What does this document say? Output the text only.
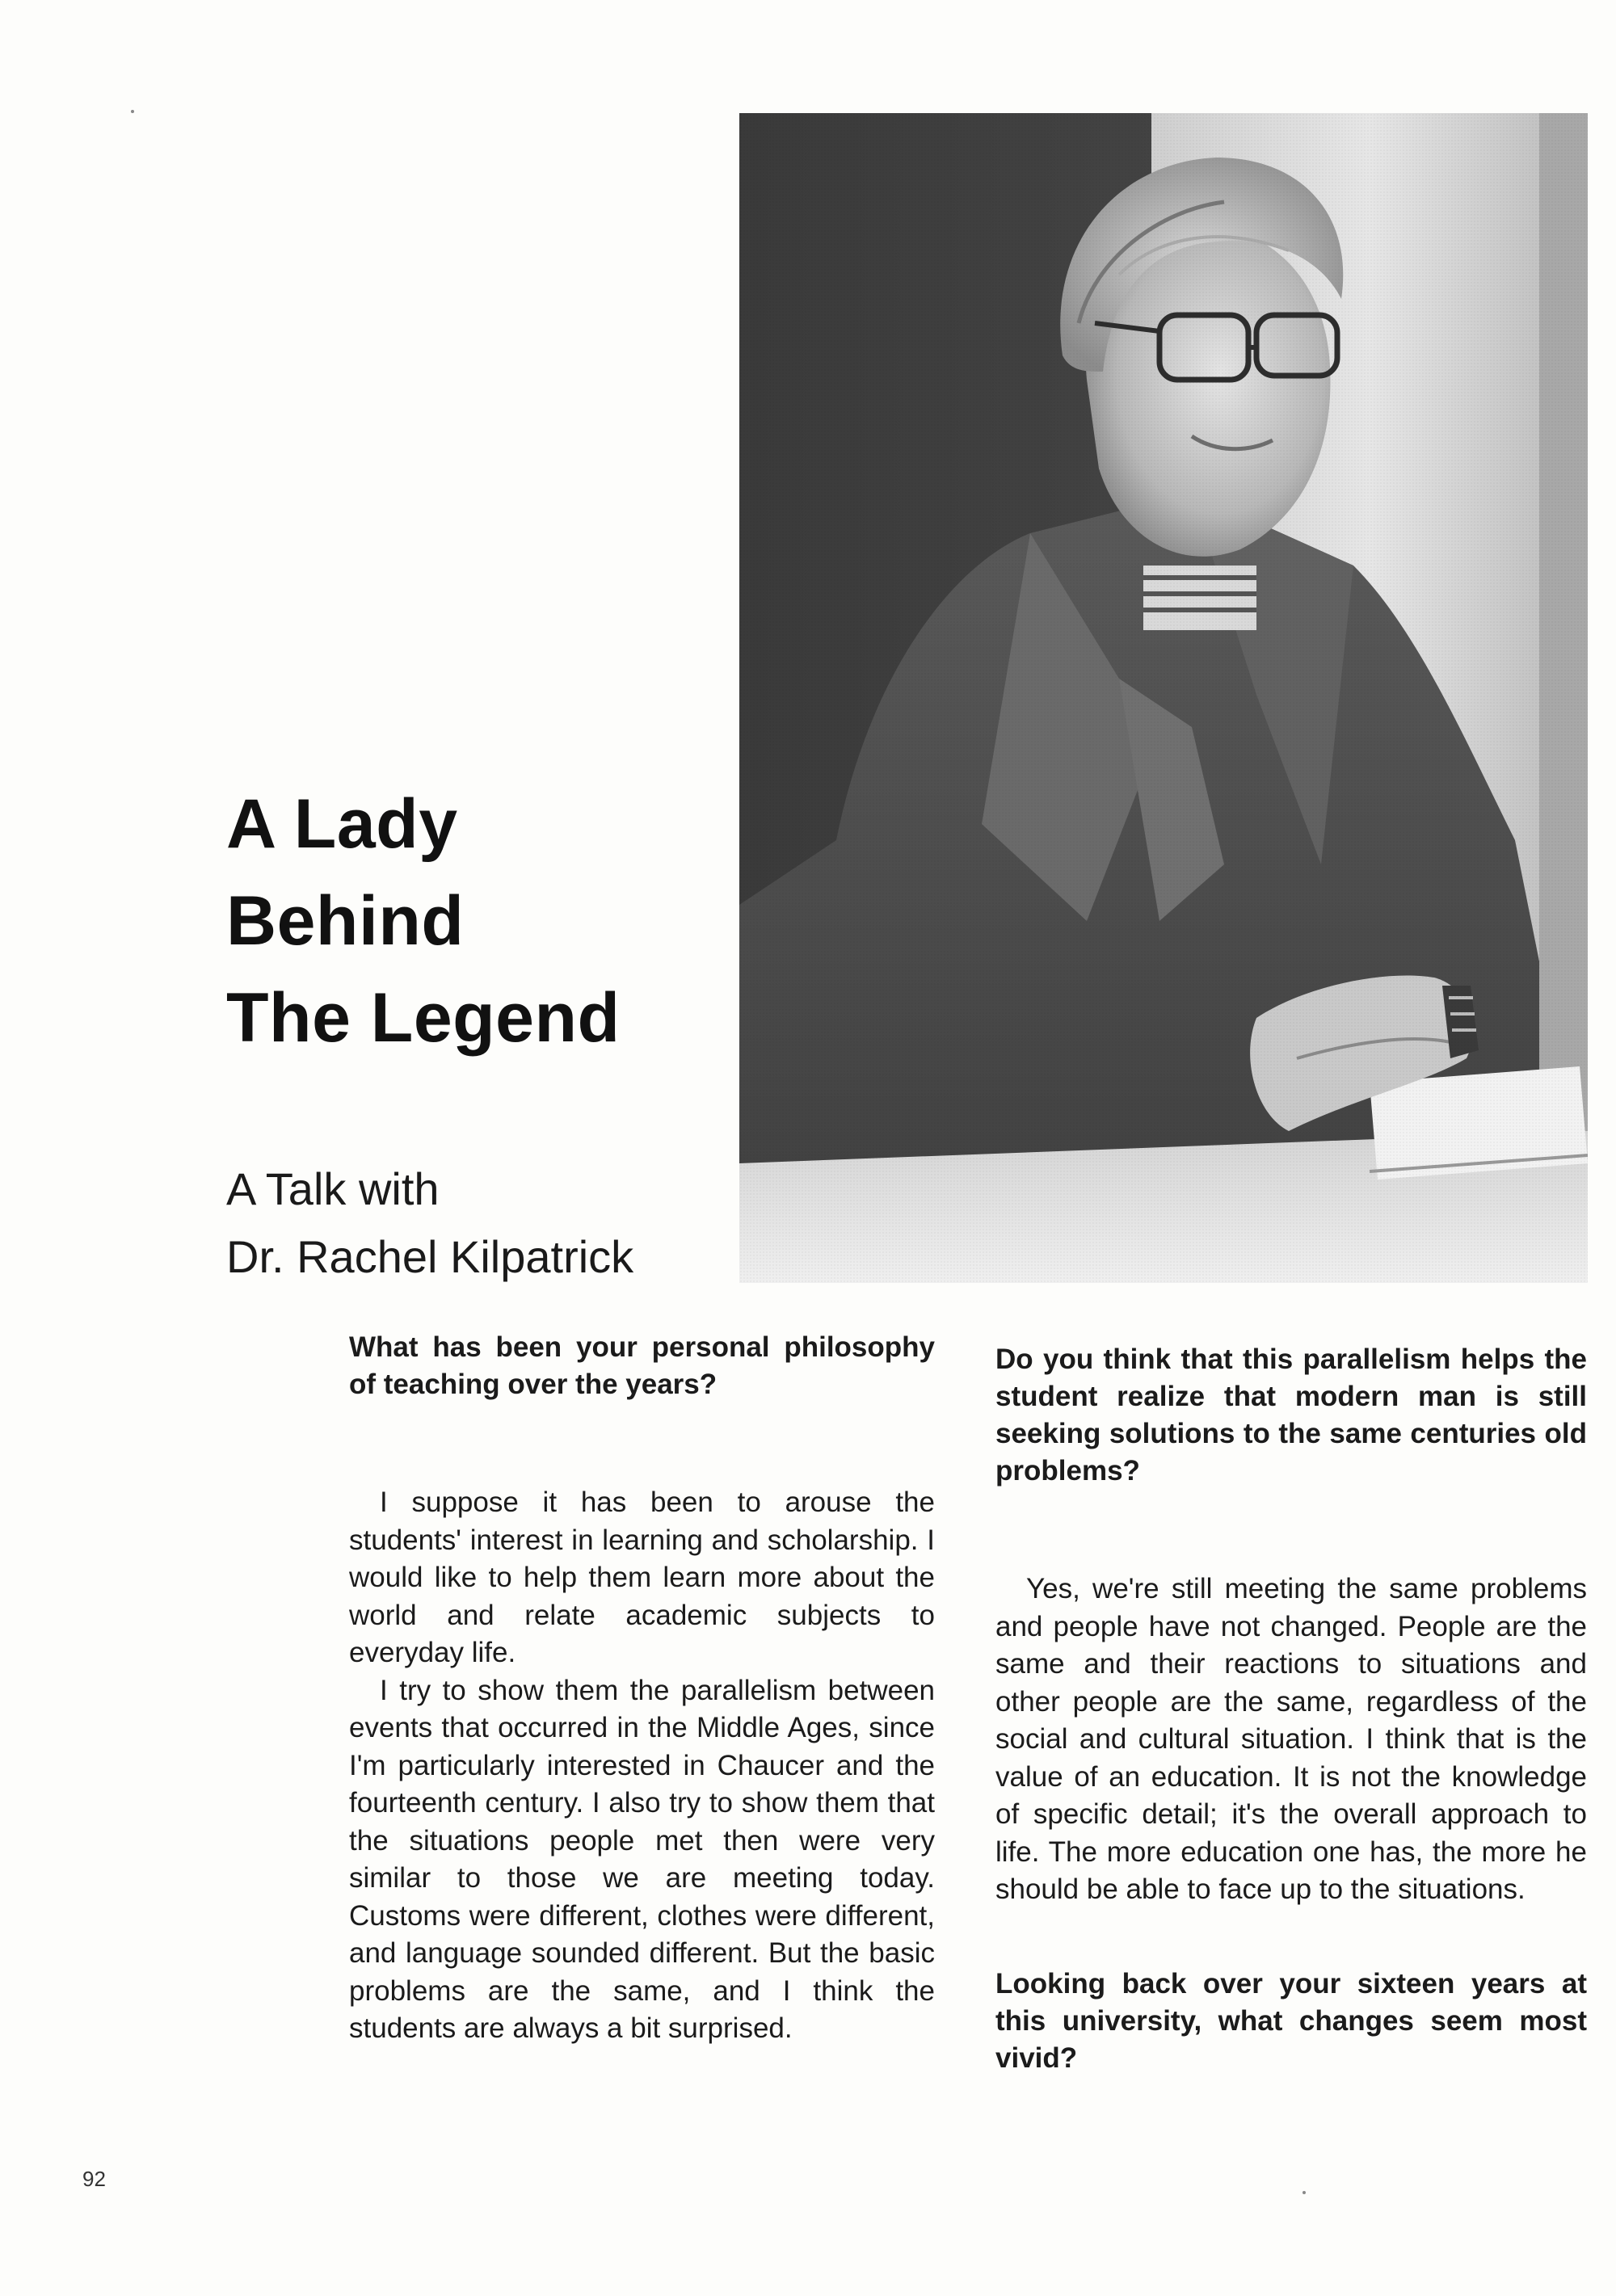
A Lady
Behind
The Legend
A Talk with
Dr. Rachel Kilpatrick

What has been your personal philosophy of teaching over the years?

I suppose it has been to arouse the students' interest in learning and scholarship. I would like to help them learn more about the world and relate academic subjects to everyday life.

I try to show them the parallelism between events that occurred in the Middle Ages, since I'm particularly interested in Chaucer and the fourteenth century. I also try to show them that the situations people met then were very similar to those we are meeting today. Customs were different, clothes were different, and language sounded different. But the basic problems are the same, and I think the students are always a bit surprised.

Do you think that this parallelism helps the student realize that modern man is still seeking solutions to the same centuries old problems?

Yes, we're still meeting the same problems and people have not changed. People are the same and their reactions to situations and other people are the same, regardless of the social and cultural situation. I think that is the value of an education. It is not the knowledge of specific detail; it's the overall approach to life. The more education one has, the more he should be able to face up to the situations.

Looking back over your sixteen years at this university, what changes seem most vivid?

92
